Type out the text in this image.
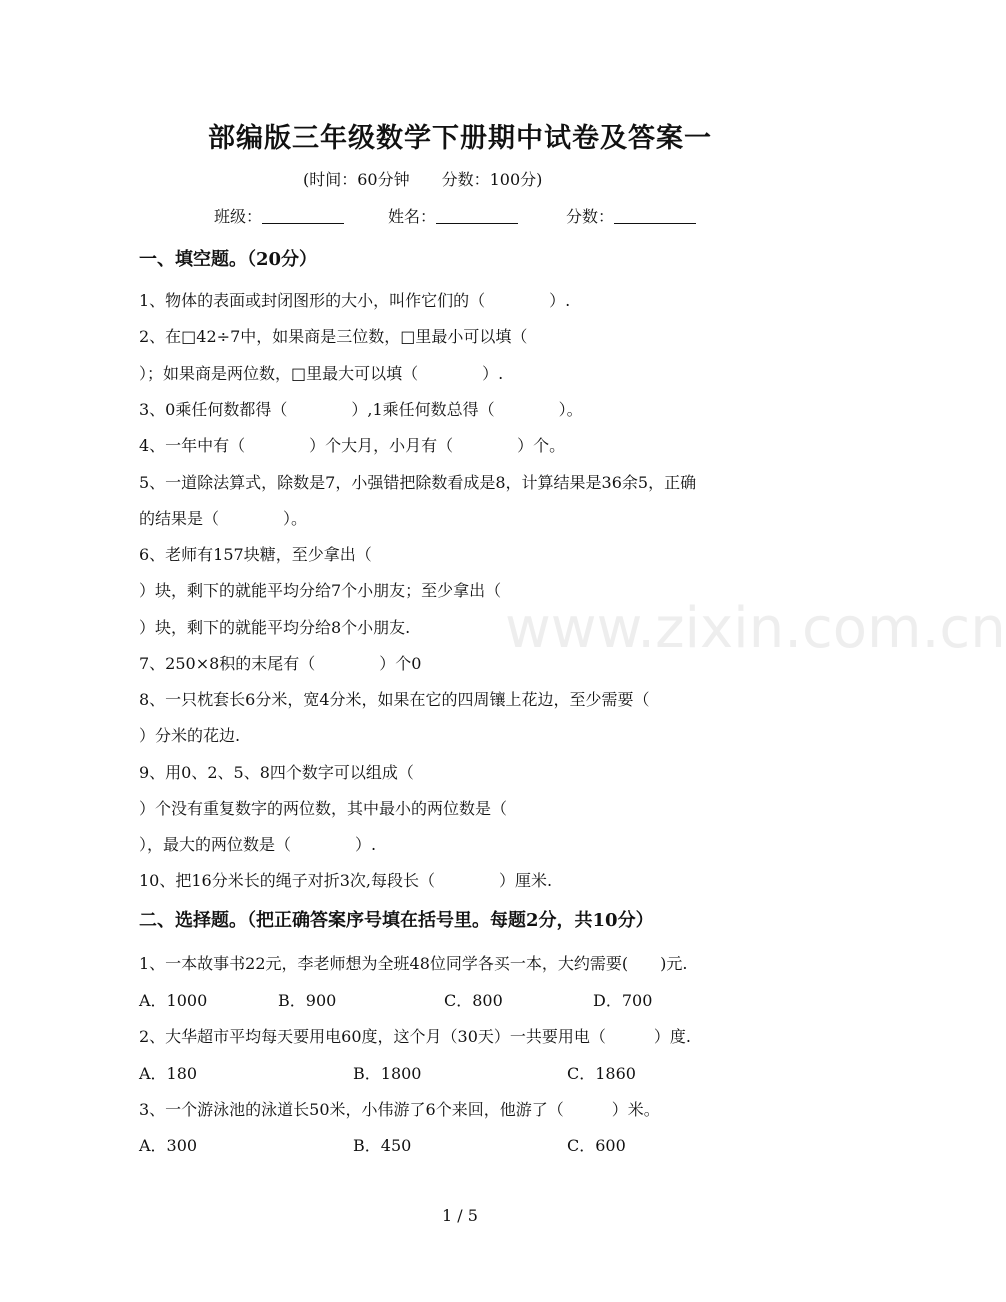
www.zixin.com.cn
部编版三年级数学下册期中试卷及答案一
(时间：60分钟　　分数：100分)
班级：	姓名：	分数：
一、填空题。（20分）
1、物体的表面或封闭图形的大小，叫作它们的（　　　　）.
2、在□42÷7中，如果商是三位数，□里最小可以填（
）；如果商是两位数，□里最大可以填（　　　　）.
3、0乘任何数都得（　　　　）,1乘任何数总得（　　　　）。
4、一年中有（　　　　）个大月，小月有（　　　　）个。
5、一道除法算式，除数是7，小强错把除数看成是8，计算结果是36余5，正确
的结果是（　　　　）。
6、老师有157块糖，至少拿出（
）块，剩下的就能平均分给7个小朋友；至少拿出（
）块，剩下的就能平均分给8个小朋友.
7、250×8积的末尾有（　　　　）个0
8、一只枕套长6分米，宽4分米，如果在它的四周镶上花边，至少需要（
）分米的花边.
9、用0、2、5、8四个数字可以组成（
）个没有重复数字的两位数，其中最小的两位数是（
），最大的两位数是（　　　　）.
10、把16分米长的绳子对折3次,每段长（　　　　）厘米.
二、选择题。（把正确答案序号填在括号里。每题2分，共10分）
1、一本故事书22元，李老师想为全班48位同学各买一本，大约需要(　　)元.
A．1000	B．900	C．800	D．700
2、大华超市平均每天要用电60度，这个月（30天）一共要用电（　　　）度.
A．180	B．1800	C．1860
3、一个游泳池的泳道长50米，小伟游了6个来回，他游了（　　　）米。
A．300	B．450	C．600
1 / 5
